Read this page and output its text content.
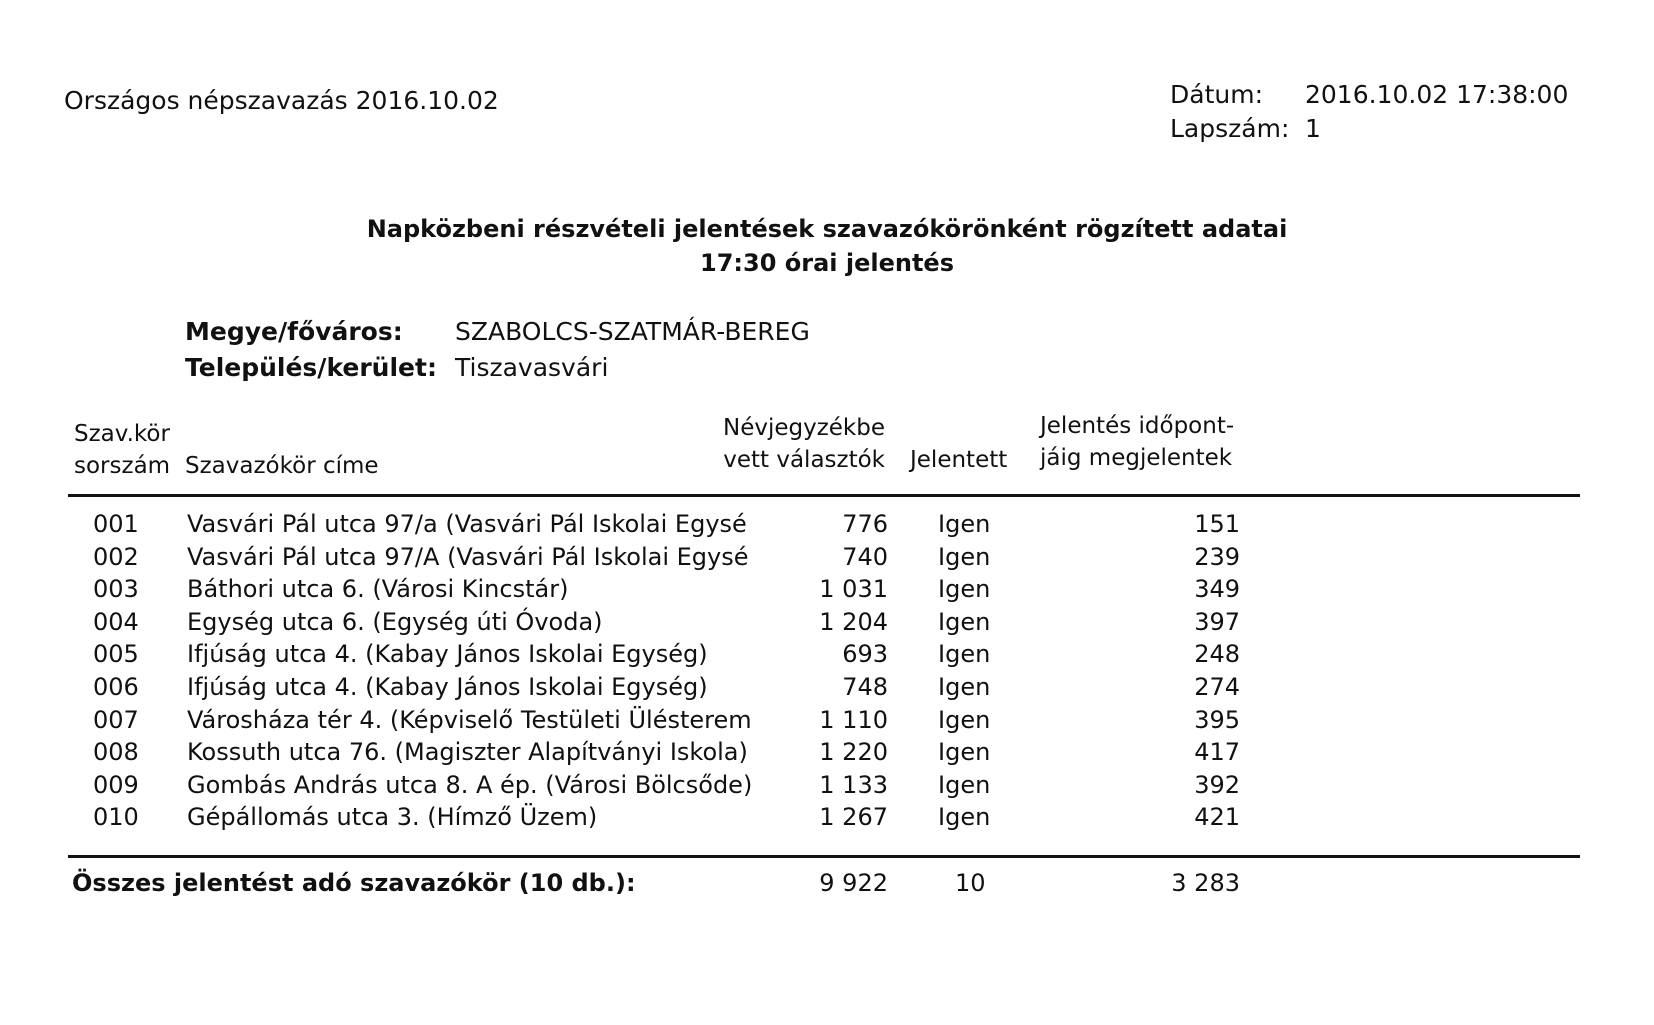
Országos népszavazás 2016.10.02	Dátum:	2016.10.02 17:38:00
Lapszám: 1
Napközbeni részvételi jelentések szavazókörönként rögzített adatai
17:30 órai jelentés
Megye/főváros:	SZABOLCS-SZATMÁR-BEREG
Település/kerület: Tiszavasvári
Szav.kör
sorszám Szavazókör címe
Névjegyzékbe
vett választók Jelentett
Jelentés időpont-
jáig megjelentek
001 Vasvári Pál utca 97/a (Vasvári Pál Iskolai Egysé	776 Igen	151
002 Vasvári Pál utca 97/A (Vasvári Pál Iskolai Egysé	740 Igen	239
003 Báthori utca 6. (Városi Kincstár)	1 031 Igen	349
004 Egység utca 6. (Egység úti Óvoda)	1 204 Igen	397
005 Ifjúság utca 4. (Kabay János Iskolai Egység)	693 Igen	248
006 Ifjúság utca 4. (Kabay János Iskolai Egység)	748 Igen	274
007 Városháza tér 4. (Képviselő Testületi Ülésterem	1 110 Igen	395
008 Kossuth utca 76. (Magiszter Alapítványi Iskola)	1 220 Igen	417
009 Gombás András utca 8. A ép. (Városi Bölcsőde)	1 133 Igen	392
010 Gépállomás utca 3. (Hímző Üzem)	1 267 Igen	421
Összes jelentést adó szavazókör (10 db.):	9 922	10	3 283
